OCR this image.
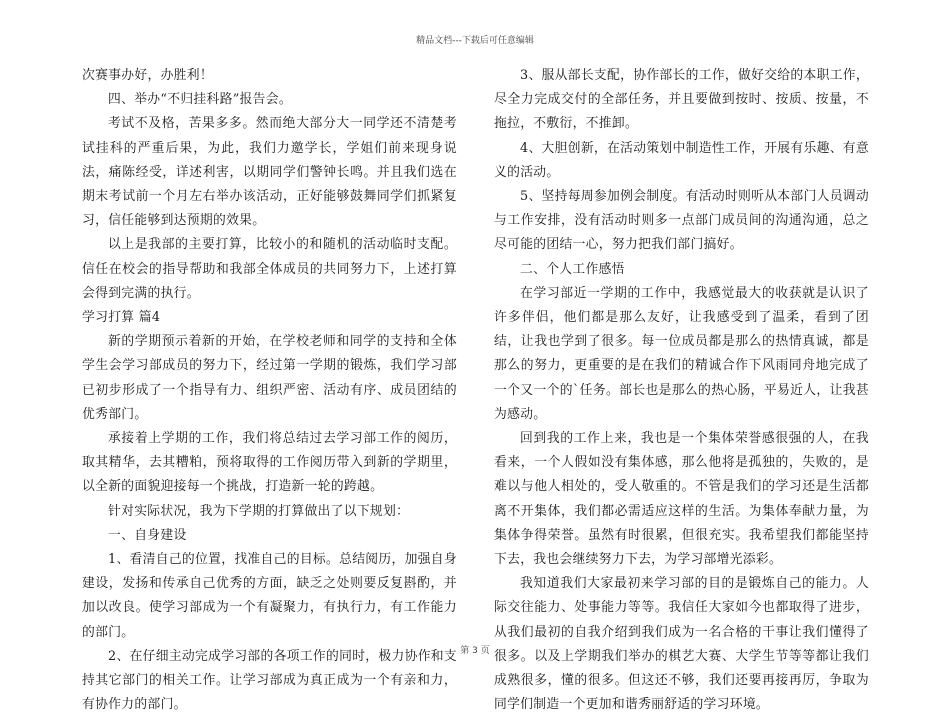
精品文档---下载后可任意编辑

次赛事办好，办胜利！

四、举办“不归挂科路”报告会。

考试不及格，苦果多多。然而绝大部分大一同学还不清楚考试挂科的严重后果，为此，我们力邀学长，学姐们前来现身说法，痛陈经受，详述利害，以期同学们警钟长鸣。并且我们选在期末考试前一个月左右举办该活动，正好能够鼓舞同学们抓紧复习，信任能够到达预期的效果。

以上是我部的主要打算，比较小的和随机的活动临时支配。信任在校会的指导帮助和我部全体成员的共同努力下，上述打算会得到完满的执行。

学习打算 篇4

新的学期预示着新的开始，在学校老师和同学的支持和全体学生会学习部成员的努力下，经过第一学期的锻炼，我们学习部已初步形成了一个指导有力、组织严密、活动有序、成员团结的优秀部门。

承接着上学期的工作，我们将总结过去学习部工作的阅历，取其精华，去其糟粕，预将取得的工作阅历带入到新的学期里，以全新的面貌迎接每一个挑战，打造新一轮的跨越。

针对实际状况，我为下学期的打算做出了以下规划：

一、自身建设

1、看清自己的位置，找准自己的目标。总结阅历，加强自身建设，发扬和传承自己优秀的方面，缺乏之处则要反复斟酌，并加以改良。使学习部成为一个有凝聚力，有执行力，有工作能力的部门。

2、在仔细主动完成学习部的各项工作的同时，极力协作和支持其它部门的相关工作。让学习部成为真正成为一个有亲和力，有协作力的部门。

3、服从部长支配，协作部长的工作，做好交给的本职工作，尽全力完成交付的全部任务，并且要做到按时、按质、按量，不拖拉，不敷衍，不推卸。

4、大胆创新，在活动策划中制造性工作，开展有乐趣、有意义的活动。

5、坚持每周参加例会制度。有活动时则听从本部门人员调动与工作安排，没有活动时则多一点部门成员间的沟通沟通，总之尽可能的团结一心，努力把我们部门搞好。

二、个人工作感悟

在学习部近一学期的工作中，我感觉最大的收获就是认识了许多伴侣，他们都是那么友好，让我感受到了温柔，看到了团结，让我也学到了很多。每一位成员都是那么的热情真诚，都是那么的努力，更重要的是在我们的精诚合作下风雨同舟地完成了一个又一个的`任务。部长也是那么的热心肠，平易近人，让我甚为感动。

回到我的工作上来，我也是一个集体荣誉感很强的人，在我看来，一个人假如没有集体感，那么他将是孤独的，失败的，是难以与他人相处的，受人敬重的。不管是我们的学习还是生活都离不开集体，我们都必需适应这样的生活。为集体奉献力量，为集体争得荣誉。虽然有时很累，但很充实。我希望我们都能坚持下去，我也会继续努力下去，为学习部增光添彩。

我知道我们大家最初来学习部的目的是锻炼自己的能力。人际交往能力、处事能力等等。我信任大家如今也都取得了进步，从我们最初的自我介绍到我们成为一名合格的干事让我们懂得了很多。以及上学期我们举办的棋艺大赛、大学生节等等都让我们成熟很多，懂的很多。但这还不够，我们还要再接再厉，争取为同学们制造一个更加和谐秀丽舒适的学习环境。

第 3 页
